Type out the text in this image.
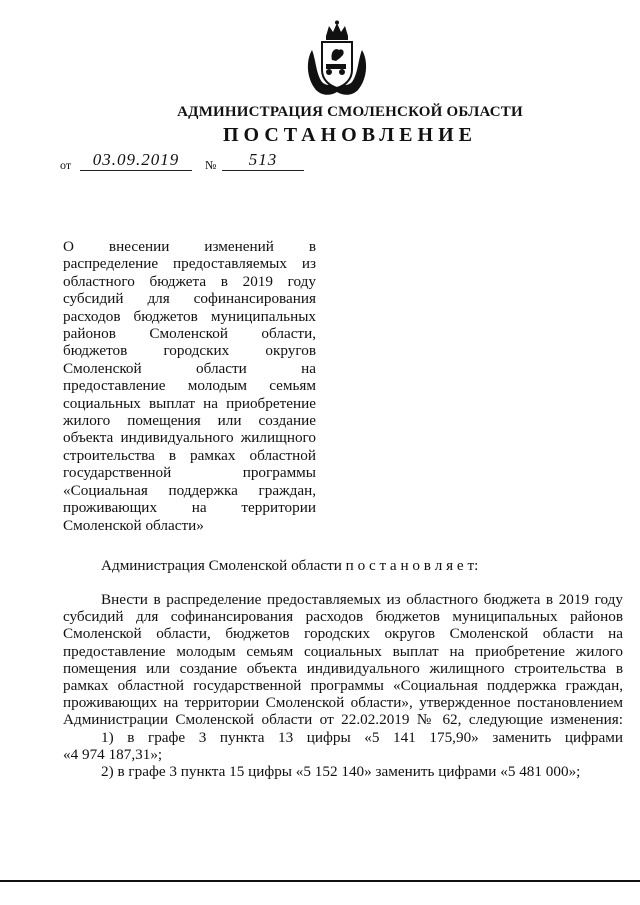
АДМИНИСТРАЦИЯ СМОЛЕНСКОЙ ОБЛАСТИ
ПОСТАНОВЛЕНИЕ
от	03.09.2019	№	513
О внесении изменений в
распределение предоставляемых из
областного бюджета в 2019 году
субсидий для софинансирования
расходов бюджетов муниципальных
районов Смоленской области,
бюджетов городских округов
Смоленской области на
предоставление молодым семьям
социальных выплат на приобретение
жилого помещения или создание
объекта индивидуального жилищного
строительства в рамках областной
государственной программы
«Социальная поддержка граждан,
проживающих на территории
Смоленской области»
Администрация Смоленской области п о с т а н о в л я е т:
Внести в распределение предоставляемых из областного бюджета в 2019 году
субсидий для софинансирования расходов бюджетов муниципальных районов
Смоленской области, бюджетов городских округов Смоленской области на
предоставление молодым семьям социальных выплат на приобретение жилого
помещения или создание объекта индивидуального жилищного строительства в
рамках областной государственной программы «Социальная поддержка граждан,
проживающих на территории Смоленской области», утвержденное постановлением
Администрации Смоленской области от 22.02.2019 № 62, следующие изменения:
1) в графе 3 пункта 13 цифры «5 141 175,90» заменить цифрами
«4 974 187,31»;
2) в графе 3 пункта 15 цифры «5 152 140» заменить цифрами «5 481 000»;
